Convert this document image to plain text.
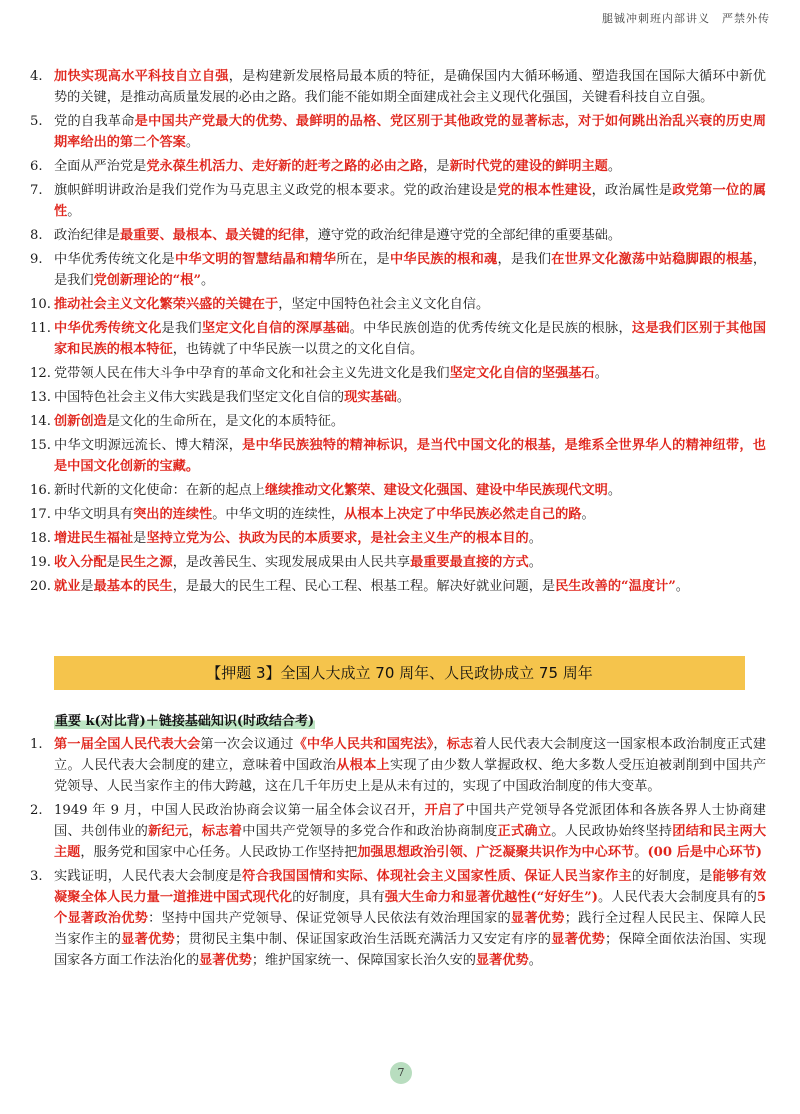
腿铖冲刺班内部讲义 严禁外传
4. 加快实现高水平科技自立自强，是构建新发展格局最本质的特征，是确保国内大循环畅通、塑造我国在国际大循环中新优势的关键，是推动高质量发展的必由之路。我们能不能如期全面建成社会主义现代化强国，关键看科技自立自强。
5. 党的自我革命是中国共产党最大的优势、最鲜明的品格、党区别于其他政党的显著标志，对于如何跳出治乱兴衰的历史周期率给出的第二个答案。
6. 全面从严治党是党永葆生机活力、走好新的赶考之路的必由之路，是新时代党的建设的鲜明主题。
7. 旗帜鲜明讲政治是我们党作为马克思主义政党的根本要求。党的政治建设是党的根本性建设，政治属性是政党第一位的属性。
8. 政治纪律是最重要、最根本、最关键的纪律，遵守党的政治纪律是遵守党的全部纪律的重要基础。
9. 中华优秀传统文化是中华文明的智慧结晶和精华所在，是中华民族的根和魂，是我们在世界文化激荡中站稳脚跟的根基，是我们党创新理论的“根”。
10. 推动社会主义文化繁荣兴盛的关键在于，坚定中国特色社会主义文化自信。
11. 中华优秀传统文化是我们坚定文化自信的深厚基础。中华民族创造的优秀传统文化是民族的根脉，这是我们区别于其他国家和民族的根本特征，也铸就了中华民族一以贯之的文化自信。
12. 党带领人民在伟大斗争中孕育的革命文化和社会主义先进文化是我们坚定文化自信的坚强基石。
13. 中国特色社会主义伟大实践是我们坚定文化自信的现实基础。
14. 创新创造是文化的生命所在，是文化的本质特征。
15. 中华文明源远流长、博大精深，是中华民族独特的精神标识，是当代中国文化的根基，是维系全世界华人的精神纽带，也是中国文化创新的宝藏。
16. 新时代新的文化使命：在新的起点上继续推动文化繁荣、建设文化强国、建设中华民族现代文明。
17. 中华文明具有突出的连续性。中华文明的连续性，从根本上决定了中华民族必然走自己的路。
18. 增进民生福祉是坚持立党为公、执政为民的本质要求，是社会主义生产的根本目的。
19. 收入分配是民生之源，是改善民生、实现发展成果由人民共享最重要最直接的方式。
20. 就业是最基本的民生，是最大的民生工程、民心工程、根基工程。解决好就业问题，是民生改善的“温度计”。
【押题 3】全国人大成立 70 周年、人民政协成立 75 周年
重要 k(对比背)＋链接基础知识(时政结合考)
1. 第一届全国人民代表大会第一次会议通过《中华人民共和国宪法》，标志着人民代表大会制度这一国家根本政治制度正式建立。人民代表大会制度的建立，意味着中国政治从根本上实现了由少数人掌握政权、绝大多数人受压迫被剥削到中国共产党领导、人民当家作主的伟大跨越，这在几千年历史上是从未有过的，实现了中国政治制度的伟大变革。
2. 1949 年 9 月，中国人民政治协商会议第一届全体会议召开，开启了中国共产党领导各党派团体和各族各界人士协商建国、共创伟业的新纪元，标志着中国共产党领导的多党合作和政治协商制度正式确立。人民政协始终坚持团结和民主两大主题，服务党和国家中心任务。人民政协工作坚持把加强思想政治引领、广泛凝聚共识作为中心环节。(00 后是中心环节)
3. 实践证明，人民代表大会制度是符合我国国情和实际、体现社会主义国家性质、保证人民当家作主的好制度，是能够有效凝聚全体人民力量一道推进中国式现代化的好制度，具有强大生命力和显著优越性(“好好生”)。人民代表大会制度具有的5 个显著政治优势：坚持中国共产党领导、保证党领导人民依法有效治理国家的显著优势；践行全过程人民民主、保障人民当家作主的显著优势；贯彻民主集中制、保证国家政治生活既充满活力又安定有序的显著优势；保障全面依法治国、实现国家各方面工作法治化的显著优势；维护国家统一、保障国家长治久安的显著优势。
7
